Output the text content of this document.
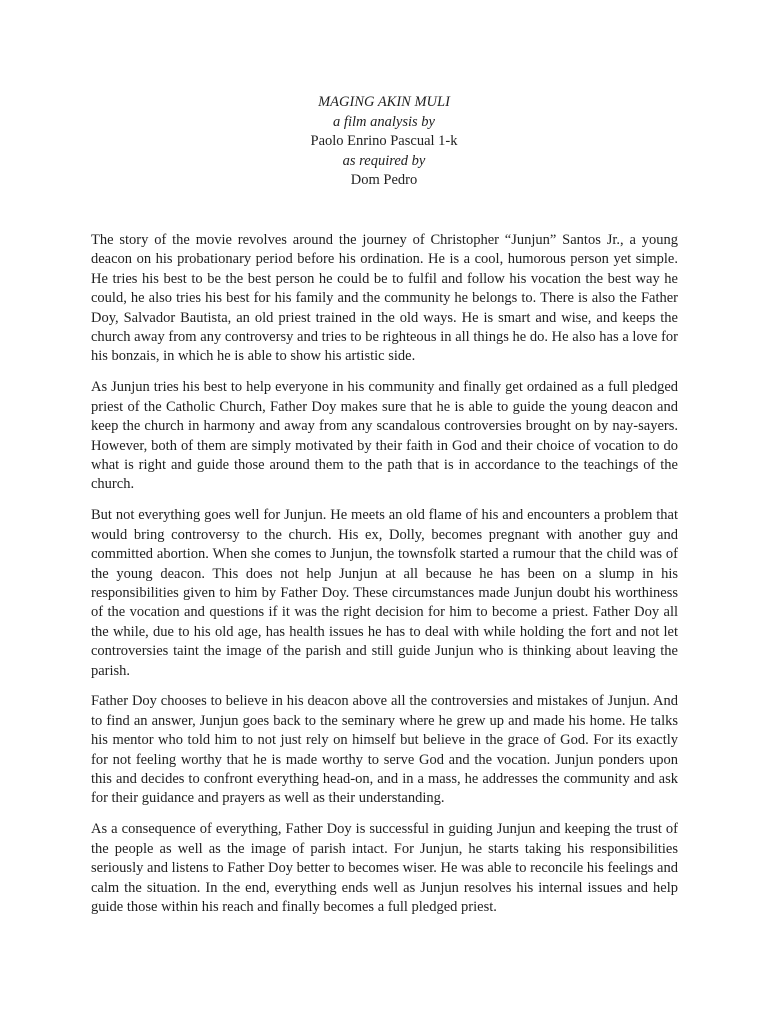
MAGING AKIN MULI
a film analysis by
Paolo Enrino Pascual 1-k
as required by
Dom Pedro

The story of the movie revolves around the journey of Christopher “Junjun” Santos Jr., a young deacon on his probationary period before his ordination. He is a cool, humorous person yet simple. He tries his best to be the best person he could be to fulfil and follow his vocation the best way he could, he also tries his best for his family and the community he belongs to. There is also the Father Doy, Salvador Bautista, an old priest trained in the old ways. He is smart and wise, and keeps the church away from any controversy and tries to be righteous in all things he do. He also has a love for his bonzais, in which he is able to show his artistic side.

As Junjun tries his best to help everyone in his community and finally get ordained as a full pledged priest of the Catholic Church, Father Doy makes sure that he is able to guide the young deacon and keep the church in harmony and away from any scandalous controversies brought on by nay-sayers. However, both of them are simply motivated by their faith in God and their choice of vocation to do what is right and guide those around them to the path that is in accordance to the teachings of the church.

But not everything goes well for Junjun. He meets an old flame of his and encounters a problem that would bring controversy to the church. His ex, Dolly, becomes pregnant with another guy and committed abortion. When she comes to Junjun, the townsfolk started a rumour that the child was of the young deacon. This does not help Junjun at all because he has been on a slump in his responsibilities given to him by Father Doy. These circumstances made Junjun doubt his worthiness of the vocation and questions if it was the right decision for him to become a priest. Father Doy all the while, due to his old age, has health issues he has to deal with while holding the fort and not let controversies taint the image of the parish and still guide Junjun who is thinking about leaving the parish.

Father Doy chooses to believe in his deacon above all the controversies and mistakes of Junjun. And to find an answer, Junjun goes back to the seminary where he grew up and made his home. He talks his mentor who told him to not just rely on himself but believe in the grace of God. For its exactly for not feeling worthy that he is made worthy to serve God and the vocation. Junjun ponders upon this and decides to confront everything head-on, and in a mass, he addresses the community and ask for their guidance and prayers as well as their understanding.

As a consequence of everything, Father Doy is successful in guiding Junjun and keeping the trust of the people as well as the image of parish intact. For Junjun, he starts taking his responsibilities seriously and listens to Father Doy better to becomes wiser. He was able to reconcile his feelings and calm the situation. In the end, everything ends well as Junjun resolves his internal issues and help guide those within his reach and finally becomes a full pledged priest.
